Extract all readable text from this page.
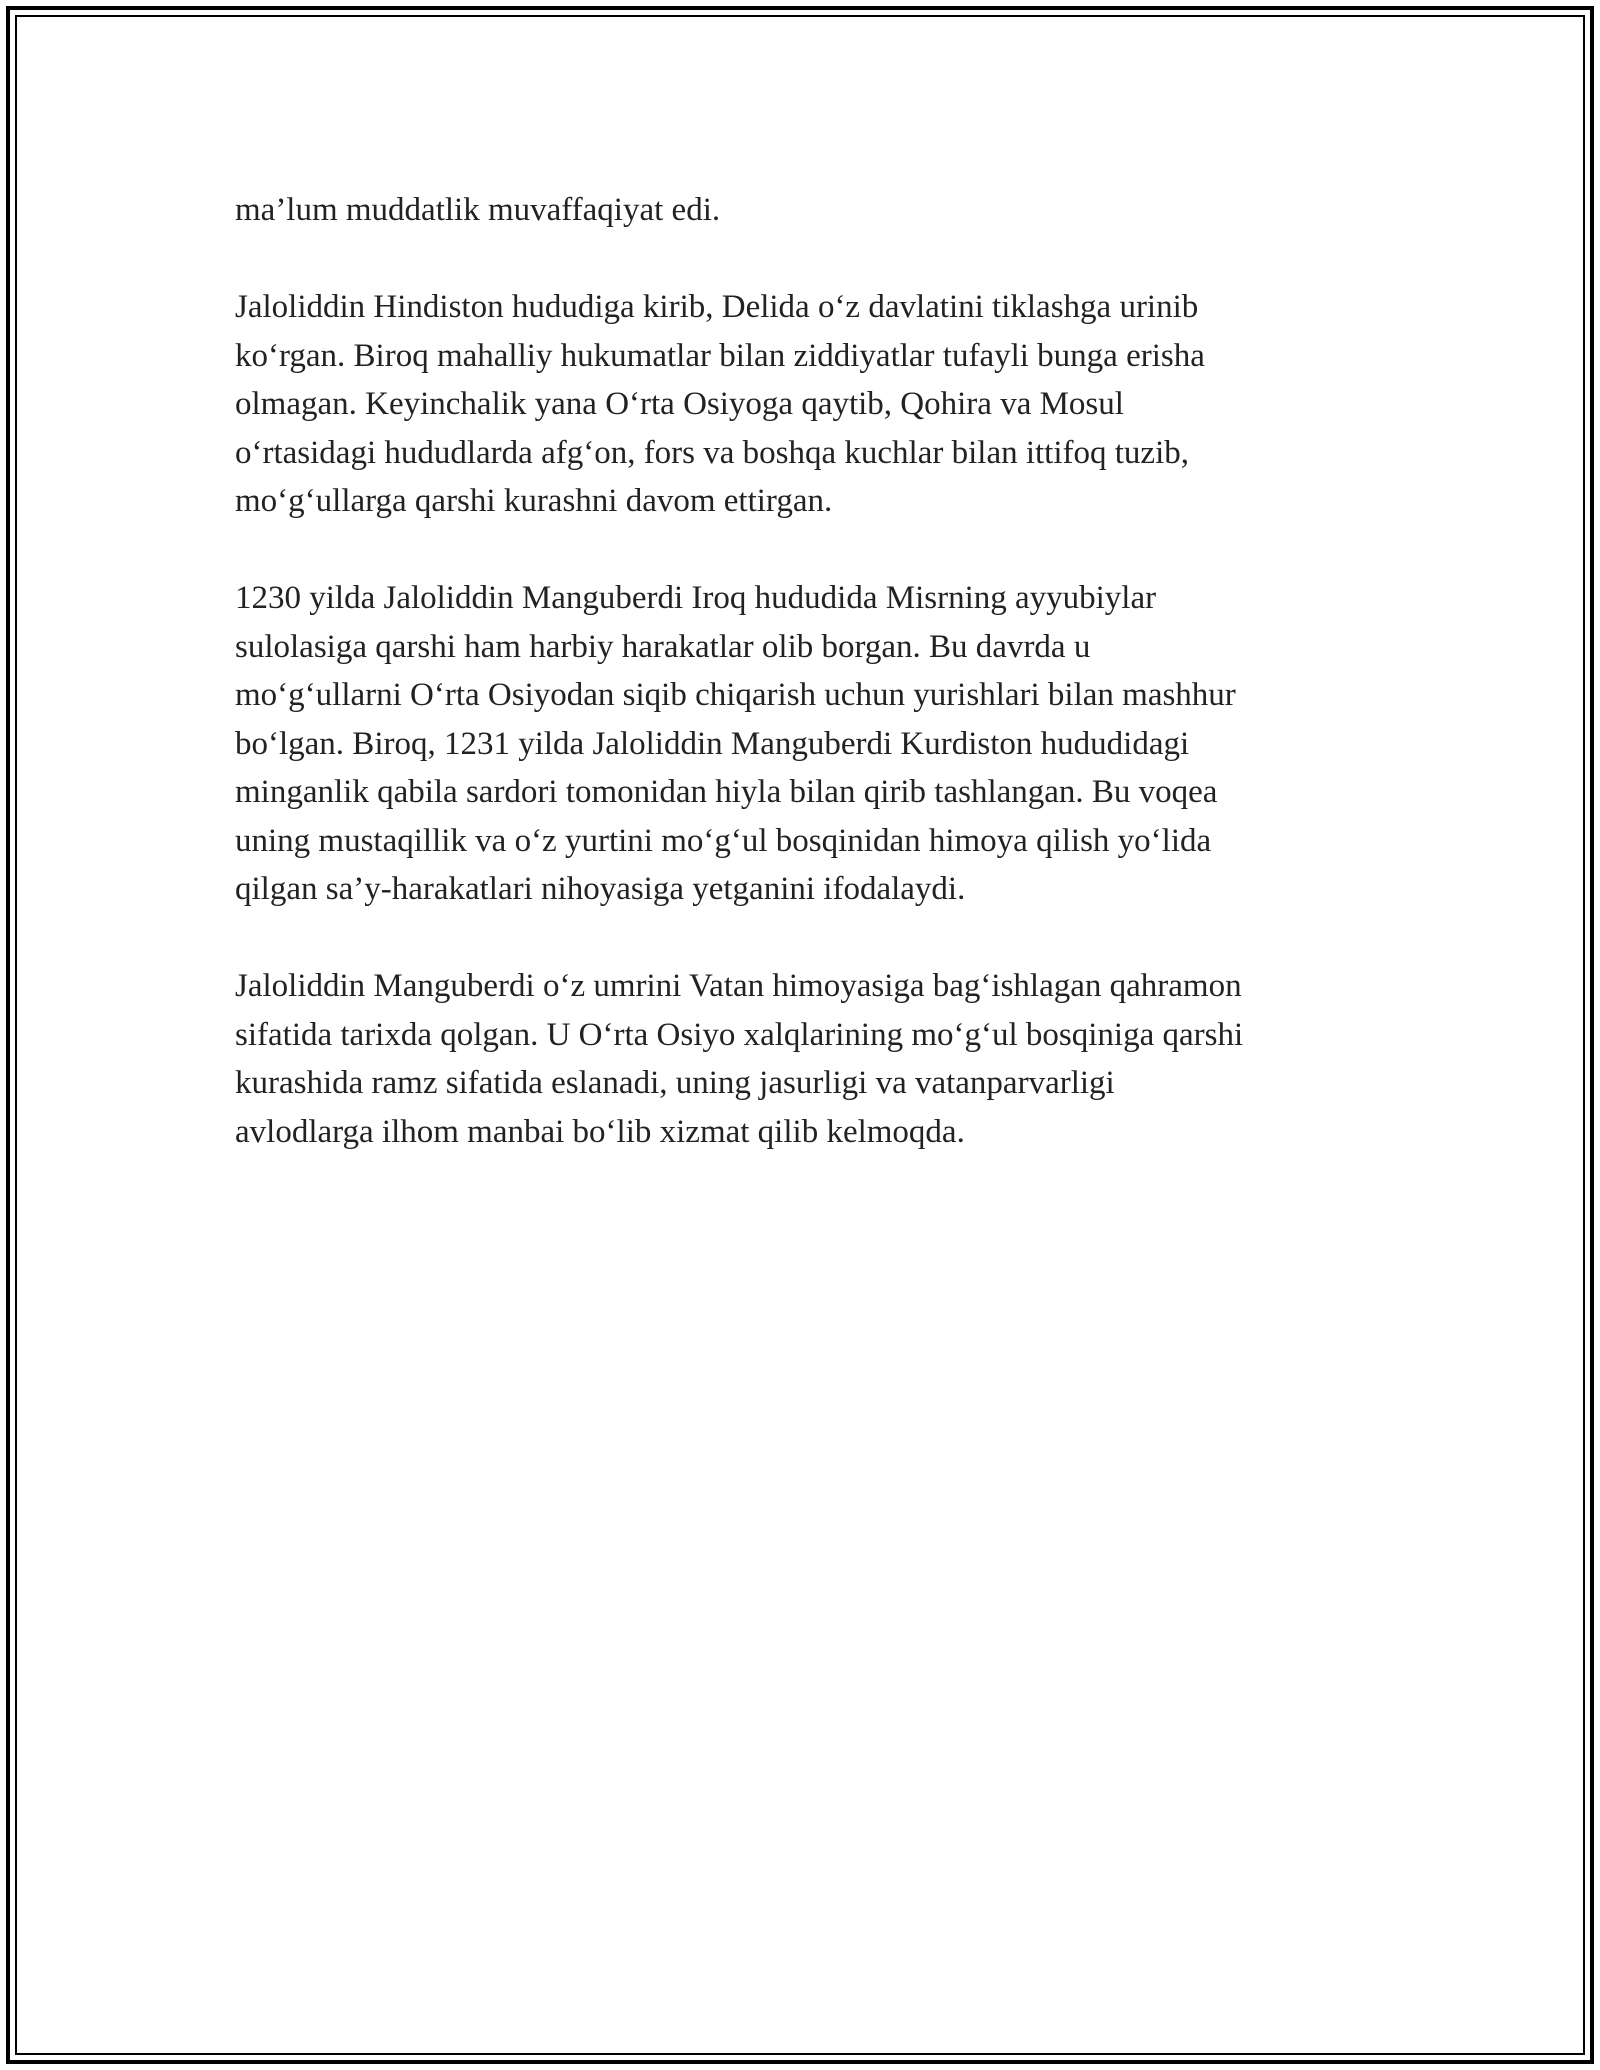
ma’lum muddatlik muvaffaqiyat edi.

Jaloliddin Hindiston hududiga kirib, Delida o‘z davlatini tiklashga urinib
ko‘rgan. Biroq mahalliy hukumatlar bilan ziddiyatlar tufayli bunga erisha
olmagan. Keyinchalik yana O‘rta Osiyoga qaytib, Qohira va Mosul
o‘rtasidagi hududlarda afg‘on, fors va boshqa kuchlar bilan ittifoq tuzib,
mo‘g‘ullarga qarshi kurashni davom ettirgan.

1230 yilda Jaloliddin Manguberdi Iroq hududida Misrning ayyubiylar
sulolasiga qarshi ham harbiy harakatlar olib borgan. Bu davrda u
mo‘g‘ullarni O‘rta Osiyodan siqib chiqarish uchun yurishlari bilan mashhur
bo‘lgan. Biroq, 1231 yilda Jaloliddin Manguberdi Kurdiston hududidagi
minganlik qabila sardori tomonidan hiyla bilan qirib tashlangan. Bu voqea
uning mustaqillik va o‘z yurtini mo‘g‘ul bosqinidan himoya qilish yo‘lida
qilgan sa’y-harakatlari nihoyasiga yetganini ifodalaydi.

Jaloliddin Manguberdi o‘z umrini Vatan himoyasiga bag‘ishlagan qahramon
sifatida tarixda qolgan. U O‘rta Osiyo xalqlarining mo‘g‘ul bosqiniga qarshi
kurashida ramz sifatida eslanadi, uning jasurligi va vatanparvarligi
avlodlarga ilhom manbai bo‘lib xizmat qilib kelmoqda.
